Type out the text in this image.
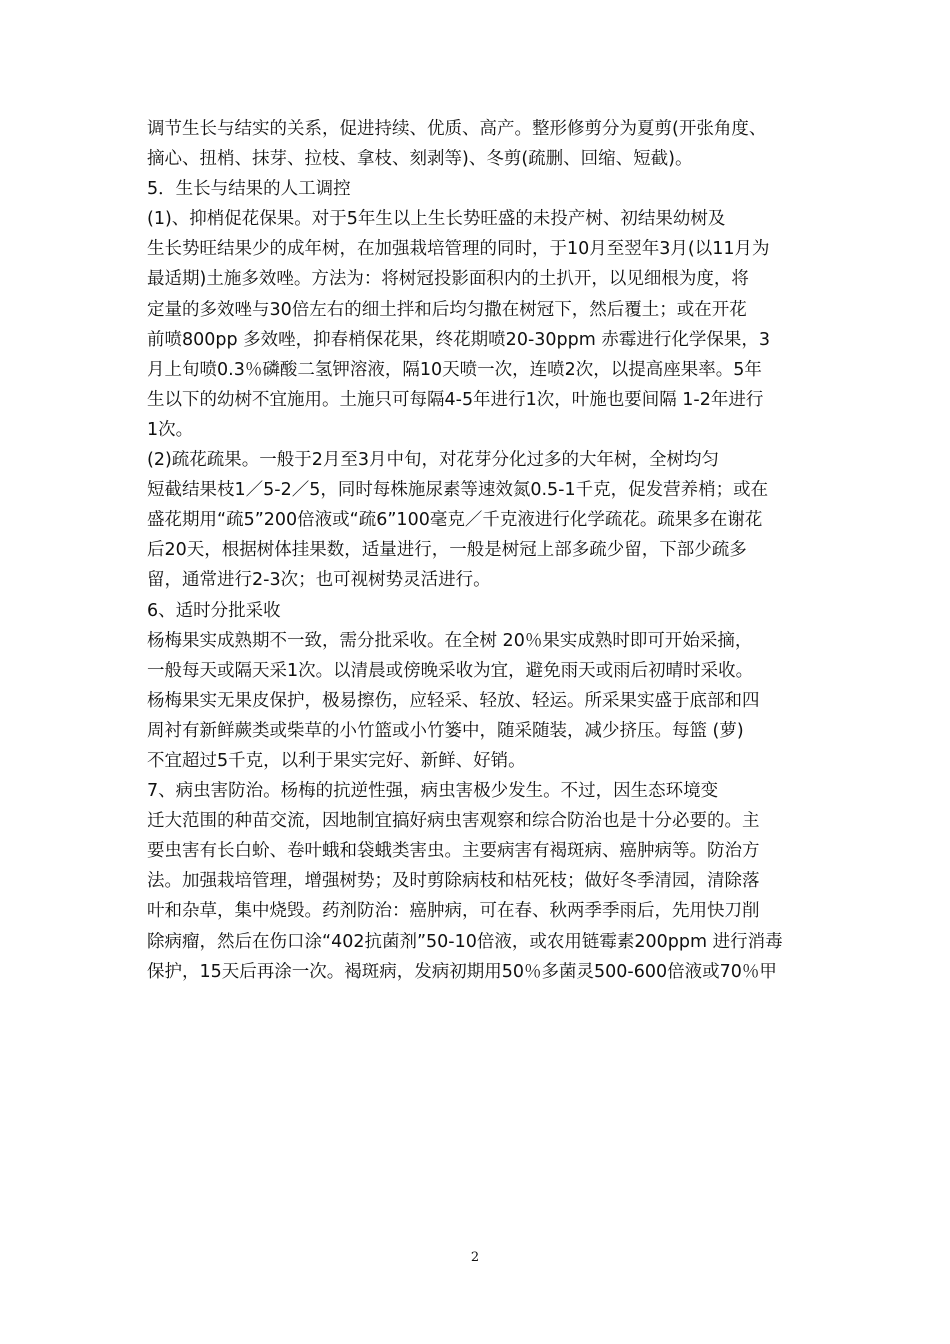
调节生长与结实的关系，促进持续、优质、高产。整形修剪分为夏剪(开张角度、
摘心、扭梢、抹芽、拉枝、拿枝、刻剥等)、冬剪(疏删、回缩、短截)。
5．生长与结果的人工调控
(1)、抑梢促花保果。对于5年生以上生长势旺盛的未投产树、初结果幼树及
生长势旺结果少的成年树，在加强栽培管理的同时，于10月至翌年3月(以11月为
最适期)土施多效唑。方法为：将树冠投影面积内的土扒开，以见细根为度，将
定量的多效唑与30倍左右的细土拌和后均匀撒在树冠下，然后覆土；或在开花
前喷800pp 多效唑，抑春梢保花果，终花期喷20-30ppm 赤霉进行化学保果，3
月上旬喷0.3％磷酸二氢钾溶液，隔10天喷一次，连喷2次，以提高座果率。5年
生以下的幼树不宜施用。土施只可每隔4-5年进行1次，叶施也要间隔 1-2年进行
1次。
(2)疏花疏果。一般于2月至3月中旬，对花芽分化过多的大年树，全树均匀
短截结果枝1／5-2／5，同时每株施尿素等速效氮0.5-1千克，促发营养梢；或在
盛花期用“疏5”200倍液或“疏6”100毫克／千克液进行化学疏花。疏果多在谢花
后20天，根据树体挂果数，适量进行，一般是树冠上部多疏少留，下部少疏多
留，通常进行2-3次；也可视树势灵活进行。
6、适时分批采收
杨梅果实成熟期不一致，需分批采收。在全树 20％果实成熟时即可开始采摘，
一般每天或隔天采1次。以清晨或傍晚采收为宜，避免雨天或雨后初晴时采收。
杨梅果实无果皮保护，极易擦伤，应轻采、轻放、轻运。所采果实盛于底部和四
周衬有新鲜蕨类或柴草的小竹篮或小竹篓中，随采随装，减少挤压。每篮 (萝)
不宜超过5千克，以利于果实完好、新鲜、好销。
7、病虫害防治。杨梅的抗逆性强，病虫害极少发生。不过，因生态环境变
迁大范围的种苗交流，因地制宜搞好病虫害观察和综合防治也是十分必要的。主
要虫害有长白蚧、卷叶蛾和袋蛾类害虫。主要病害有褐斑病、癌肿病等。防治方
法。加强栽培管理，增强树势；及时剪除病枝和枯死枝；做好冬季清园，清除落
叶和杂草，集中烧毁。药剂防治：癌肿病，可在春、秋两季季雨后，先用快刀削
除病瘤，然后在伤口涂“402抗菌剂”50-10倍液，或农用链霉素200ppm 进行消毒
保护，15天后再涂一次。褐斑病，发病初期用50％多菌灵500-600倍液或70％甲
2
